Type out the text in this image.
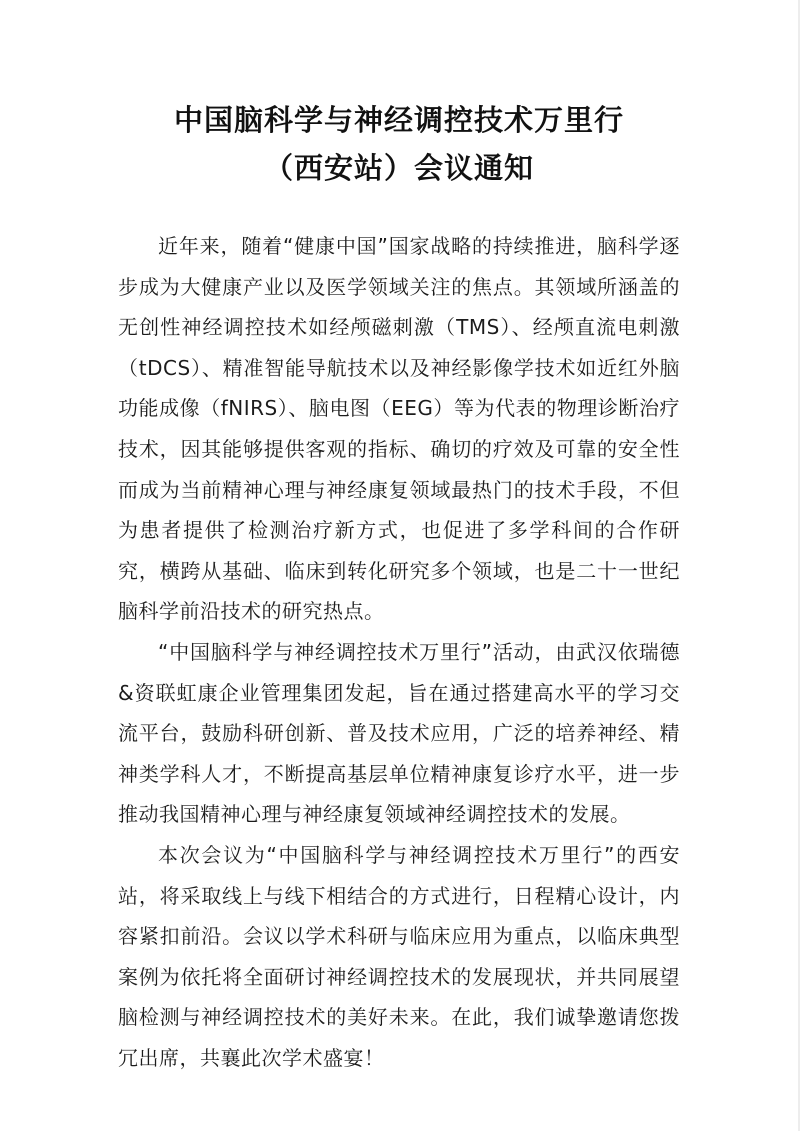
中国脑科学与神经调控技术万里行
（西安站）会议通知

近年来，随着“健康中国”国家战略的持续推进，脑科学逐步成为大健康产业以及医学领域关注的焦点。其领域所涵盖的无创性神经调控技术如经颅磁刺激（TMS）、经颅直流电刺激（tDCS）、精准智能导航技术以及神经影像学技术如近红外脑功能成像（fNIRS）、脑电图（EEG）等为代表的物理诊断治疗技术，因其能够提供客观的指标、确切的疗效及可靠的安全性而成为当前精神心理与神经康复领域最热门的技术手段，不但为患者提供了检测治疗新方式，也促进了多学科间的合作研究，横跨从基础、临床到转化研究多个领域，也是二十一世纪脑科学前沿技术的研究热点。

“中国脑科学与神经调控技术万里行”活动，由武汉依瑞德&资联虹康企业管理集团发起，旨在通过搭建高水平的学习交流平台，鼓励科研创新、普及技术应用，广泛的培养神经、精神类学科人才，不断提高基层单位精神康复诊疗水平，进一步推动我国精神心理与神经康复领域神经调控技术的发展。

本次会议为“中国脑科学与神经调控技术万里行”的西安站，将采取线上与线下相结合的方式进行，日程精心设计，内容紧扣前沿。会议以学术科研与临床应用为重点，以临床典型案例为依托将全面研讨神经调控技术的发展现状，并共同展望脑检测与神经调控技术的美好未来。在此，我们诚挚邀请您拨冗出席，共襄此次学术盛宴！
